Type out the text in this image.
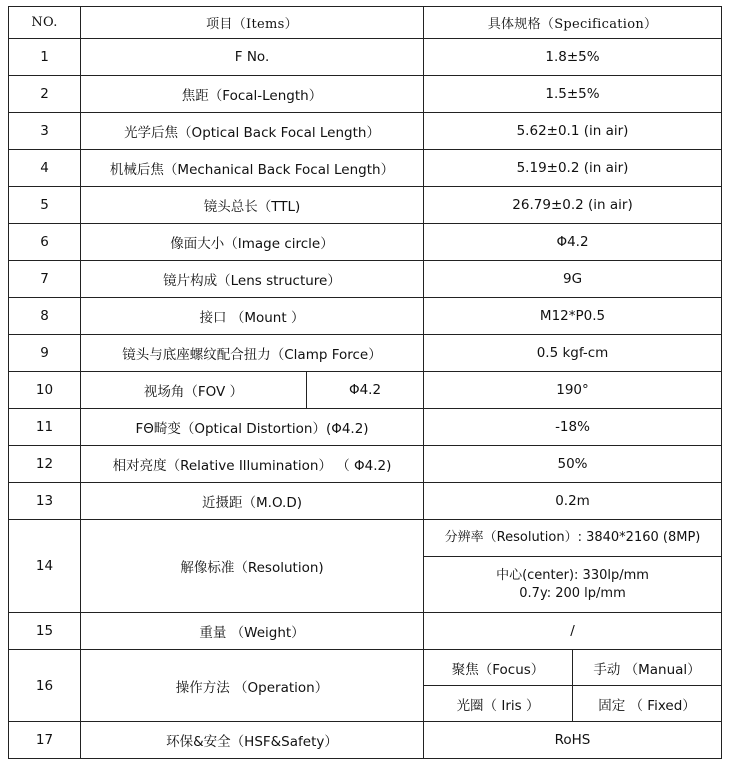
NO.	项目（Items）		具体规格（Specification）	
1	F No.		1.8±5%	
2	焦距（Focal-Length）		1.5±5%	
3	光学后焦（Optical Back Focal Length）		5.62±0.1 (in air)	
4	机械后焦（Mechanical Back Focal Length）		5.19±0.2 (in air)	
5	镜头总长（TTL)		26.79±0.2 (in air)	
6	像面大小（Image circle）		Φ4.2	
7	镜片构成（Lens structure）		9G	
8	接口 （Mount ）		M12*P0.5	
9	镜头与底座螺纹配合扭力（Clamp Force）		0.5 kgf-cm	
10	视场角（FOV ）	Φ4.2	190°	
11	FΘ畸变（Optical Distortion）(Φ4.2)		-18%	
12	相对亮度（Relative Illumination） （ Φ4.2)		50%	
13	近摄距（M.O.D)		0.2m	
14	解像标准（Resolution)		分辨率（Resolution）: 3840*2160 (8MP)	

			中心(center): 330lp/mm
0.7y: 200 lp/mm	

15	重量 （Weight）		/	
16	操作方法 （Operation）		聚焦（Focus）	手动 （Manual）
			光圈（ Iris ）	固定 （ Fixed）
17	环保&安全（HSF&Safety）		RoHS	
